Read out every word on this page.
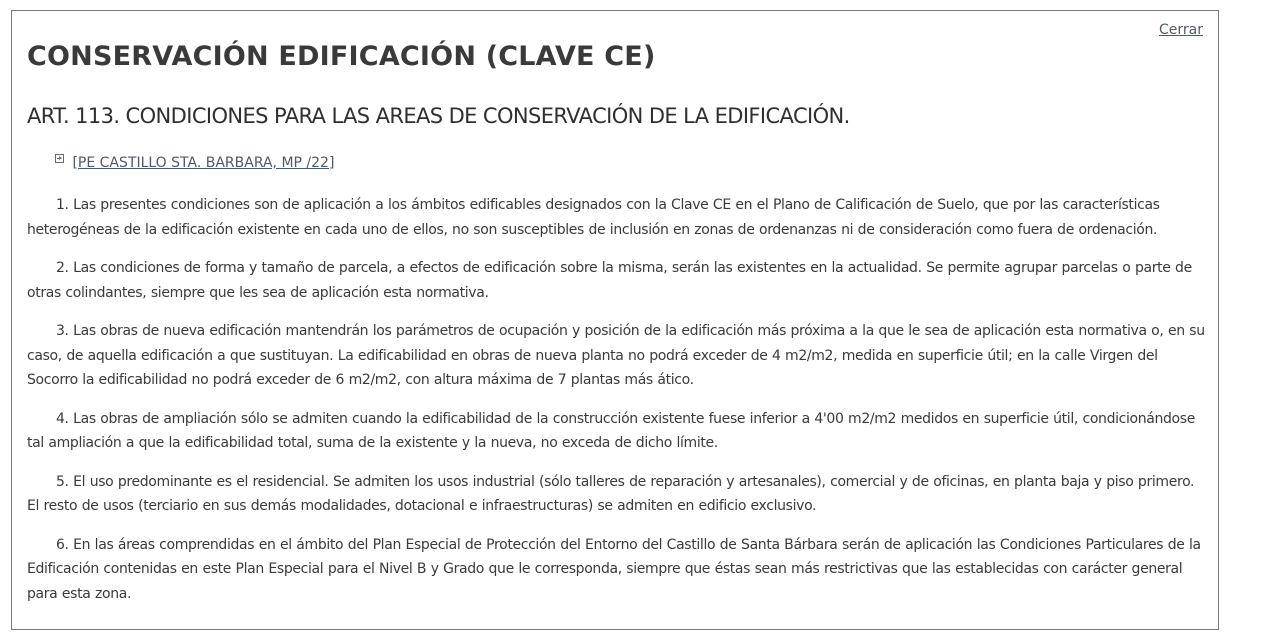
Cerrar
CONSERVACIÓN EDIFICACIÓN (CLAVE CE)
ART. 113. CONDICIONES PARA LAS AREAS DE CONSERVACIÓN DE LA EDIFICACIÓN.
[PE CASTILLO STA. BARBARA, MP /22]

1. Las presentes condiciones son de aplicación a los ámbitos edificables designados con la Clave CE en el Plano de Calificación de Suelo, que por las características heterogéneas de la edificación existente en cada uno de ellos, no son susceptibles de inclusión en zonas de ordenanzas ni de consideración como fuera de ordenación.

2. Las condiciones de forma y tamaño de parcela, a efectos de edificación sobre la misma, serán las existentes en la actualidad. Se permite agrupar parcelas o parte de otras colindantes, siempre que les sea de aplicación esta normativa.

3. Las obras de nueva edificación mantendrán los parámetros de ocupación y posición de la edificación más próxima a la que le sea de aplicación esta normativa o, en su caso, de aquella edificación a que sustituyan. La edificabilidad en obras de nueva planta no podrá exceder de 4 m2/m2, medida en superficie útil; en la calle Virgen del Socorro la edificabilidad no podrá exceder de 6 m2/m2, con altura máxima de 7 plantas más ático.

4. Las obras de ampliación sólo se admiten cuando la edificabilidad de la construcción existente fuese inferior a 4'00 m2/m2 medidos en superficie útil, condicionándose tal ampliación a que la edificabilidad total, suma de la existente y la nueva, no exceda de dicho límite.

5. El uso predominante es el residencial. Se admiten los usos industrial (sólo talleres de reparación y artesanales), comercial y de oficinas, en planta baja y piso primero. El resto de usos (terciario en sus demás modalidades, dotacional e infraestructuras) se admiten en edificio exclusivo.

6. En las áreas comprendidas en el ámbito del Plan Especial de Protección del Entorno del Castillo de Santa Bárbara serán de aplicación las Condiciones Particulares de la Edificación contenidas en este Plan Especial para el Nivel B y Grado que le corresponda, siempre que éstas sean más restrictivas que las establecidas con carácter general para esta zona.
